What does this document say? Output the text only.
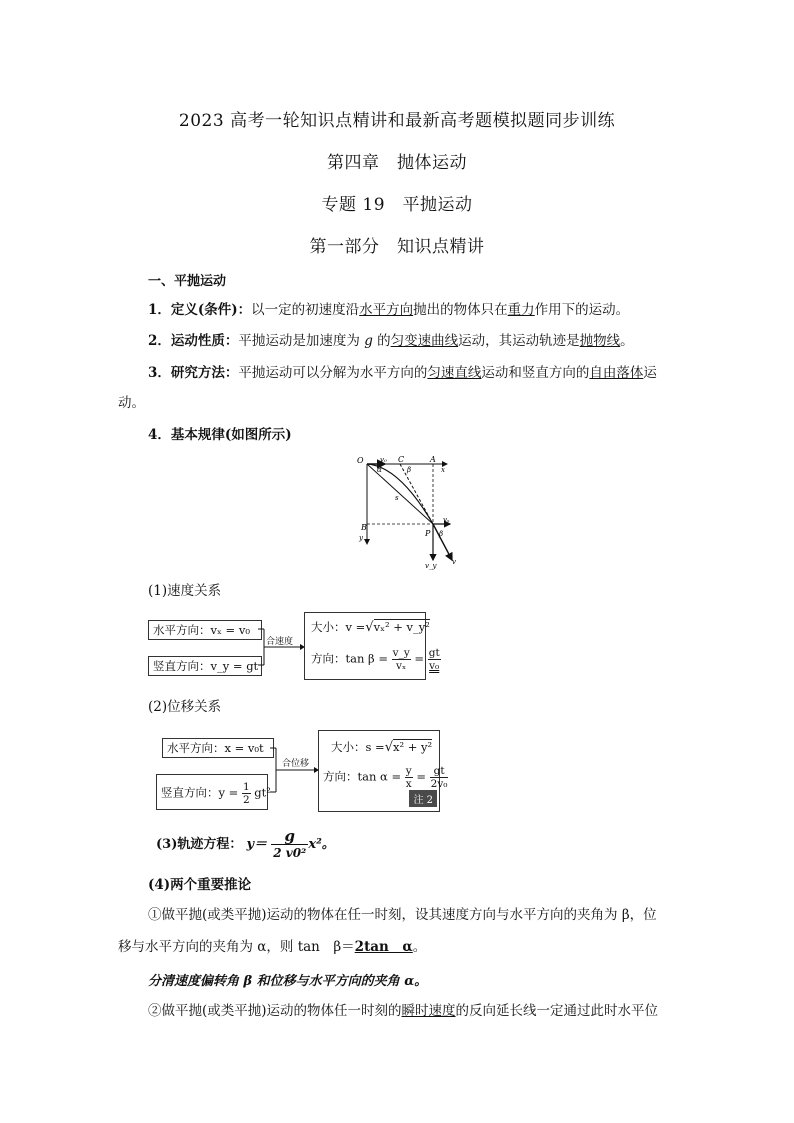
2023 高考一轮知识点精讲和最新高考题模拟题同步训练
第四章　抛体运动
专题 19　平抛运动
第一部分　知识点精讲
一、平抛运动
1．定义(条件)：以一定的初速度沿水平方向抛出的物体只在重力作用下的运动。
2．运动性质：平抛运动是加速度为 g 的匀变速曲线运动，其运动轨迹是抛物线。
3．研究方法：平抛运动可以分解为水平方向的匀速直线运动和竖直方向的自由落体运
动。
4．基本规律(如图所示)
O v₀
α
C
β
A
x
s
B
y	P
vₓ
β
v_y v
(1)速度关系
水平方向：vₓ = v₀
竖直方向：v_y = gt
合速度
大小：v =√vₓ² + v_y²
方向：$\tan \beta = \frac{v\_y}{\text{vₓ}} = \frac{gt}{\text{v₀}}$
(2)位移关系
水平方向：x = v₀t
竖直方向：$y = \frac{1}{2} gt^2$
合位移
大小：s =√x² + y²
方向：$\tan \alpha = \frac{y}{x} = \frac{gt}{\text{2v₀}}$
注 2
(3)轨迹方程： y＝	g
2 v0²
x²。
(4)两个重要推论
①做平抛(或类平抛)运动的物体在任一时刻，设其速度方向与水平方向的夹角为 β，位
移与水平方向的夹角为 α，则 tan　β＝2tan　α。
分清速度偏转角 β 和位移与水平方向的夹角 α。
②做平抛(或类平抛)运动的物体任一时刻的瞬时速度的反向延长线一定通过此时水平位
